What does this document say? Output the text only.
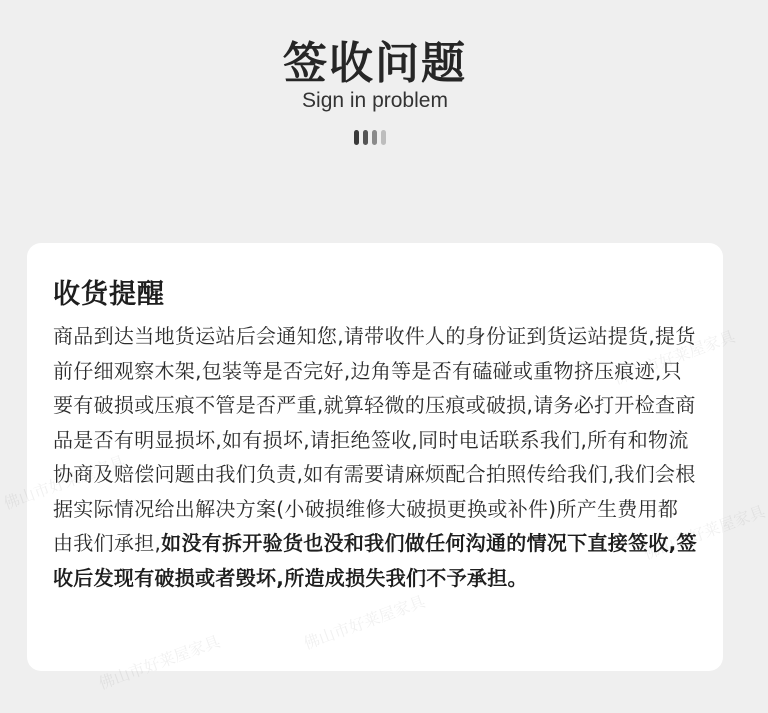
签收问题
Sign in problem
收货提醒

商品到达当地货运站后会通知您,请带收件人的身份证到货运站提货,提货前仔细观察木架,包装等是否完好,边角等是否有磕碰或重物挤压痕迹,只要有破损或压痕不管是否严重,就算轻微的压痕或破损,请务必打开检查商品是否有明显损坏,如有损坏,请拒绝签收,同时电话联系我们,所有和物流协商及赔偿问题由我们负责,如有需要请麻烦配合拍照传给我们,我们会根据实际情况给出解决方案(小破损维修大破损更换或补件)所产生费用都由我们承担,如没有拆开验货也没和我们做任何沟通的情况下直接签收,签收后发现有破损或者毁坏,所造成损失我们不予承担。
